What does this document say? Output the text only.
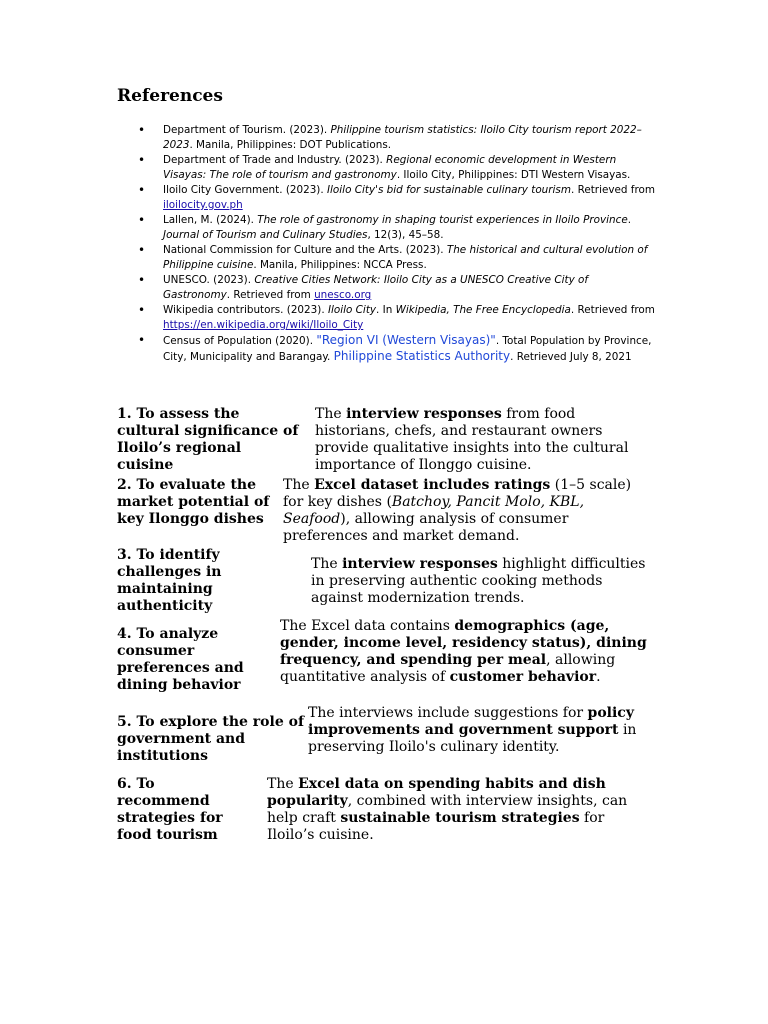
References
• Department of Tourism. (2023). Philippine tourism statistics: Iloilo City tourism report 2022–2023. Manila, Philippines: DOT Publications.
• Department of Trade and Industry. (2023). Regional economic development in Western Visayas: The role of tourism and gastronomy. Iloilo City, Philippines: DTI Western Visayas.
• Iloilo City Government. (2023). Iloilo City's bid for sustainable culinary tourism. Retrieved from iloilocity.gov.ph
• Lallen, M. (2024). The role of gastronomy in shaping tourist experiences in Iloilo Province. Journal of Tourism and Culinary Studies, 12(3), 45–58.
• National Commission for Culture and the Arts. (2023). The historical and cultural evolution of Philippine cuisine. Manila, Philippines: NCCA Press.
• UNESCO. (2023). Creative Cities Network: Iloilo City as a UNESCO Creative City of Gastronomy. Retrieved from unesco.org
• Wikipedia contributors. (2023). Iloilo City. In Wikipedia, The Free Encyclopedia. Retrieved from https://en.wikipedia.org/wiki/Iloilo_City
• Census of Population (2020). "Region VI (Western Visayas)". Total Population by Province, City, Municipality and Barangay. Philippine Statistics Authority. Retrieved July 8, 2021
1. To assess the cultural significance of Iloilo’s regional cuisine
The interview responses from food historians, chefs, and restaurant owners provide qualitative insights into the cultural importance of Ilonggo cuisine.
2. To evaluate the market potential of key Ilonggo dishes
The Excel dataset includes ratings (1–5 scale) for key dishes (Batchoy, Pancit Molo, KBL, Seafood), allowing analysis of consumer preferences and market demand.
3. To identify challenges in maintaining authenticity
The interview responses highlight difficulties in preserving authentic cooking methods against modernization trends.
4. To analyze consumer preferences and dining behavior
The Excel data contains demographics (age, gender, income level, residency status), dining frequency, and spending per meal, allowing quantitative analysis of customer behavior.
5. To explore the role of government and institutions
The interviews include suggestions for policy improvements and government support in preserving Iloilo's culinary identity.
6. To recommend strategies for food tourism
The Excel data on spending habits and dish popularity, combined with interview insights, can help craft sustainable tourism strategies for Iloilo’s cuisine.
